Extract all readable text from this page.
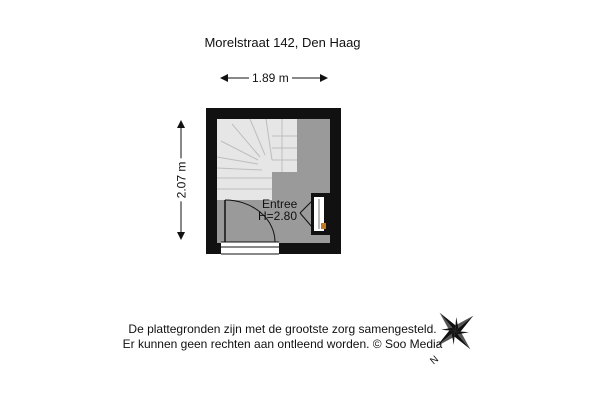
Morelstraat 142, Den Haag
1.89 m
2.07 m
Entree
H=2.80
De plattegronden zijn met de grootste zorg samengesteld.
Er kunnen geen rechten aan ontleend worden. © Soo Media
N
